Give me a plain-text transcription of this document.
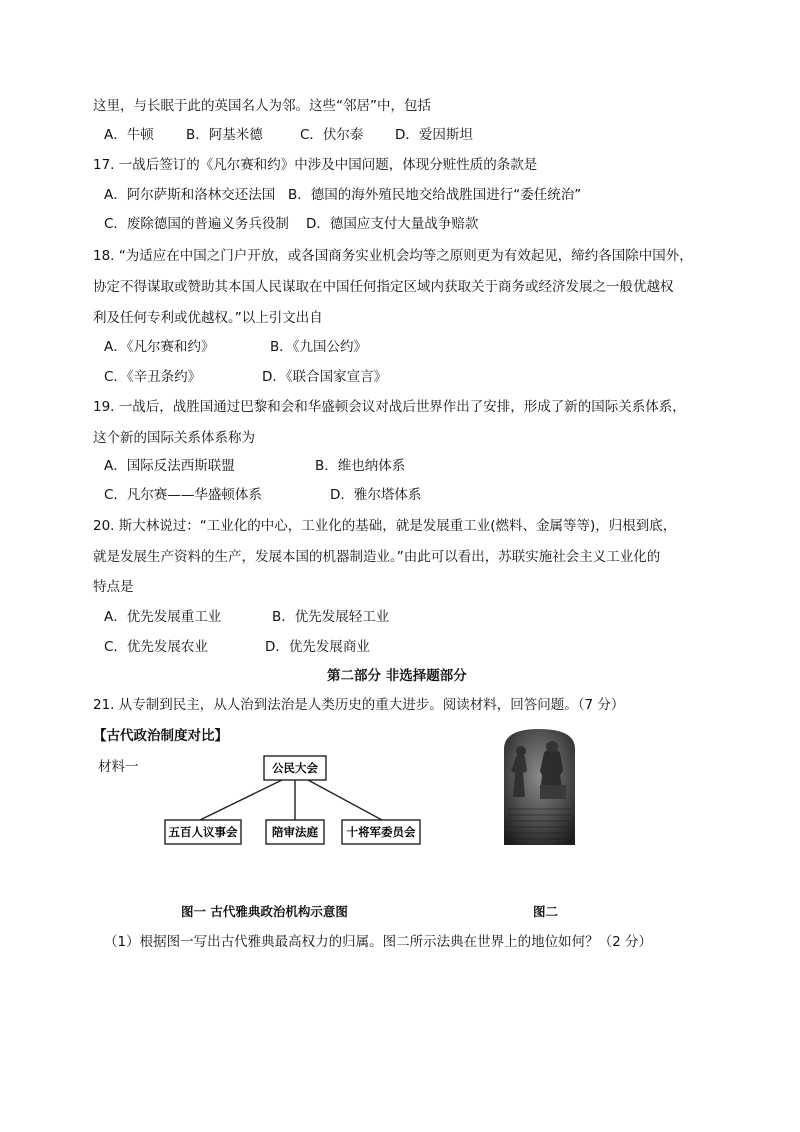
这里，与长眠于此的英国名人为邻。这些“邻居”中，包括
A．牛顿 B．阿基米德	C．伏尔泰 D．爱因斯坦
17. 一战后签订的《凡尔赛和约》中涉及中国问题，体现分赃性质的条款是
A．阿尔萨斯和洛林交还法国 B．德国的海外殖民地交给战胜国进行“委任统治”
C．废除德国的普遍义务兵役制 D．德国应支付大量战争赔款
18. “为适应在中国之门户开放，或各国商务实业机会均等之原则更为有效起见，缔约各国除中国外，
协定不得谋取或赞助其本国人民谋取在中国任何指定区域内获取关于商务或经济发展之一般优越权
利及任何专利或优越权。”以上引文出自
A．《凡尔赛和约》	B．《九国公约》
C．《辛丑条约》	D．《联合国家宣言》
19. 一战后，战胜国通过巴黎和会和华盛顿会议对战后世界作出了安排，形成了新的国际关系体系，
这个新的国际关系体系称为
A．国际反法西斯联盟	B．维也纳体系
C．凡尔赛——华盛顿体系	D．雅尔塔体系
20. 斯大林说过：“工业化的中心，工业化的基础，就是发展重工业(燃料、金属等等)，归根到底，
就是发展生产资料的生产，发展本国的机器制造业。”由此可以看出，苏联实施社会主义工业化的
特点是
A．优先发展重工业	B．优先发展轻工业
C．优先发展农业	D．优先发展商业
第二部分 非选择题部分
21. 从专制到民主，从人治到法治是人类历史的重大进步。阅读材料，回答问题。（7 分）
【古代政治制度对比】
材料一	公民大会
五百人议事会	陪审法庭 十将军委员会
图一 古代雅典政治机构示意图	图二
（1）根据图一写出古代雅典最高权力的归属。图二所示法典在世界上的地位如何？（2 分）
